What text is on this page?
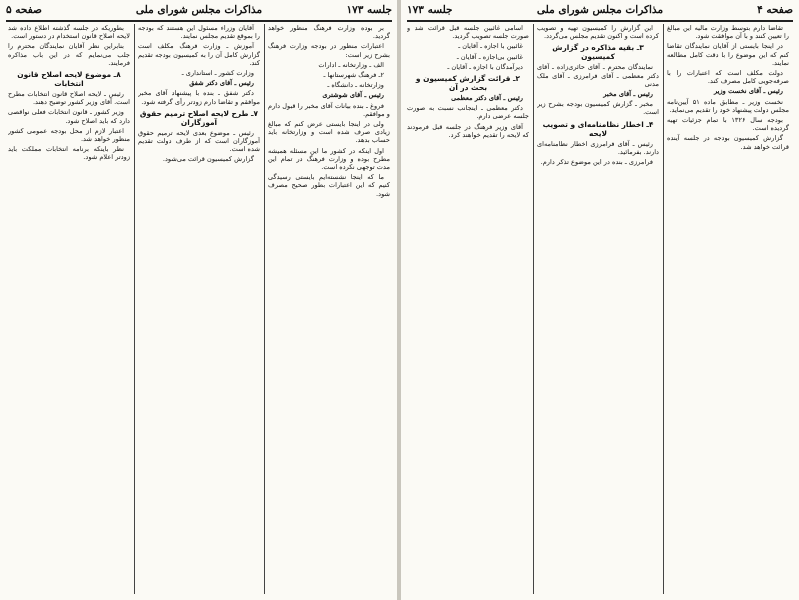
جلسه ۱۷۳
مذاکرات مجلس شورای ملی
صفحه ۵

بر بوده وزارت فرهنگ منظور خواهد گردید.

اعتبارات منظور در بودجه وزارت فرهنگ بشرح زیر است:

الف ـ وزارتخانه ـ ادارات

۲ـ فرهنگ شهرستانها ـ

وزارتخانه ـ دانشگاه ـ

رئیس ـ آقای شوشتری

فروغ ـ بنده بیانات آقای مخبر را قبول دارم و موافقم.

ولی در اینجا بایستی عرض کنم که مبالغ زیادی صرف شده است و وزارتخانه باید حساب بدهد.

اول اینکه در کشور ما این مسئله همیشه مطرح بوده و وزارت فرهنگ در تمام این مدت توجهی نکرده است.

ما که اینجا نشسته‌ایم بایستی رسیدگی کنیم که این اعتبارات بطور صحیح مصرف شود.

آقایان وزراء مسئول این هستند که بودجه را بموقع تقدیم مجلس نمایند.

آموزش ـ وزارت فرهنگ مکلف است گزارش کامل آن را به کمیسیون بودجه تقدیم کند.

وزارت کشور ـ استانداری ـ

رئیس ـ آقای دکتر شفق

دکتر شفق ـ بنده با پیشنهاد آقای مخبر موافقم و تقاضا دارم زودتر رأی گرفته شود.

۷ـ طرح لایحه اصلاح ترمیم حقوق آموزگاران

رئیس ـ موضوع بعدی لایحه ترمیم حقوق آموزگاران است که از طرف دولت تقدیم شده است.

گزارش کمیسیون قرائت می‌شود.

بطوریکه در جلسه گذشته اطلاع داده شد لایحه اصلاح قانون استخدام در دستور است.

بنابراین نظر آقایان نمایندگان محترم را جلب می‌نمایم که در این باب مذاکره فرمایند.

۸ـ موضوع لایحه اصلاح قانون انتخابات

رئیس ـ لایحه اصلاح قانون انتخابات مطرح است. آقای وزیر کشور توضیح دهند.

وزیر کشور ـ قانون انتخابات فعلی نواقصی دارد که باید اصلاح شود.

اعتبار لازم از محل بودجه عمومی کشور منظور خواهد شد.

نظر باینکه برنامه انتخابات مملکت باید زودتر اعلام شود.

صفحه ۴
مذاکرات مجلس شورای ملی
جلسه ۱۷۳

تقاضا دارم بتوسط وزارت مالیه این مبالغ را تعیین کنند و با آن موافقت شود.

در اینجا بایستی از آقایان نمایندگان تقاضا کنم که این موضوع را با دقت کامل مطالعه نمایند.

دولت مکلف است که اعتبارات را با صرفه‌جویی کامل مصرف کند.

رئیس ـ آقای نخست وزیر

نخست وزیر ـ مطابق ماده ۵۱ آیین‌نامه مجلس دولت پیشنهاد خود را تقدیم می‌نماید.

بودجه سال ۱۳۲۶ با تمام جزئیات تهیه گردیده است.

گزارش کمیسیون بودجه در جلسه آینده قرائت خواهد شد.

این گزارش را کمیسیون تهیه و تصویب کرده است و اکنون تقدیم مجلس می‌گردد.

۳ـ بقیه مذاکره در گزارش کمیسیون

نمایندگان محترم ـ آقای حائری‌زاده ـ آقای دکتر معظمی ـ آقای فرامرزی ـ آقای ملک مدنی

رئیس ـ آقای مخبر

مخبر ـ گزارش کمیسیون بودجه بشرح زیر است.

۴ـ اخطار نظامنامه‌ای و تصویب لایحه

رئیس ـ آقای فرامرزی اخطار نظامنامه‌ای دارند. بفرمائید.

فرامرزی ـ بنده در این موضوع تذکر دارم.

اسامی غائبین جلسه قبل قرائت شد و صورت جلسه تصویب گردید.

غائبین با اجازه ـ آقایان ـ

غائبین بی‌اجازه ـ آقایان ـ

دیرآمدگان با اجازه ـ آقایان ـ

۲ـ قرائت گزارش کمیسیون و بحث در آن

رئیس ـ آقای دکتر معظمی

دکتر معظمی ـ اینجانب نسبت به صورت جلسه عرضی دارم.

آقای وزیر فرهنگ در جلسه قبل فرمودند که لایحه را تقدیم خواهند کرد.
